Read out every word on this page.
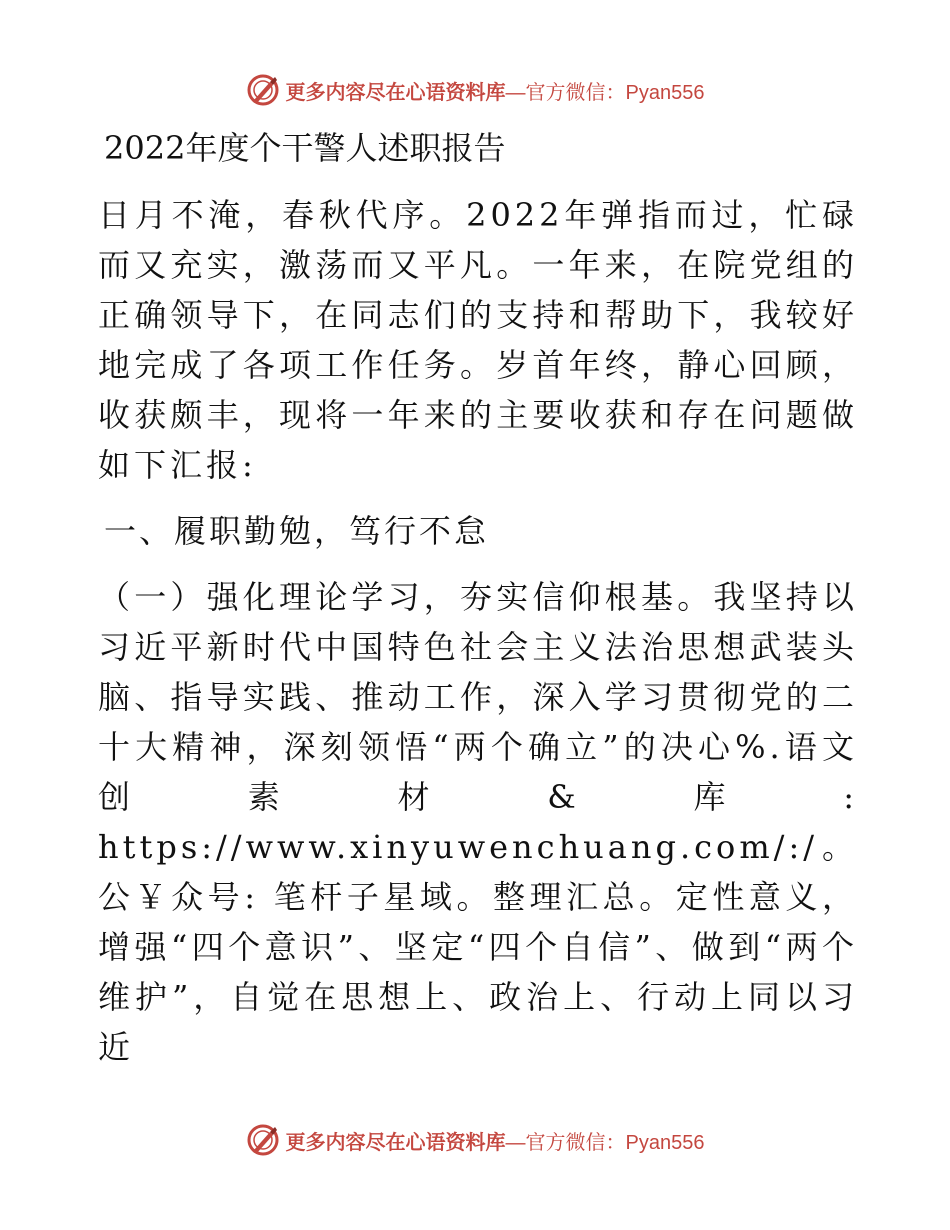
更多内容尽在心语资料库 —官方微信：Pyan556
2022年度个干警人述职报告

日月不淹，春秋代序。2022年弹指而过，忙碌而又充实，激荡而又平凡。一年来，在院党组的正确领导下，在同志们的支持和帮助下，我较好地完成了各项工作任务。岁首年终，静心回顾，收获颇丰，现将一年来的主要收获和存在问题做如下汇报:

一、履职勤勉，笃行不怠

（一）强化理论学习，夯实信仰根基。我坚持以习近平新时代中国特色社会主义法治思想武装头脑、指导实践、推动工作，深入学习贯彻党的二十大精神，深刻领悟“两个确立”的决心%.语文创素材&库: https://www.xinyuwenchuang.com/:/。公￥众号: 笔杆子星域。整理汇总。定性意义，增强“四个意识”、坚定“四个自信”、做到“两个维护”，自觉在思想上、政治上、行动上同以习近

更多内容尽在心语资料库 —官方微信：Pyan556
